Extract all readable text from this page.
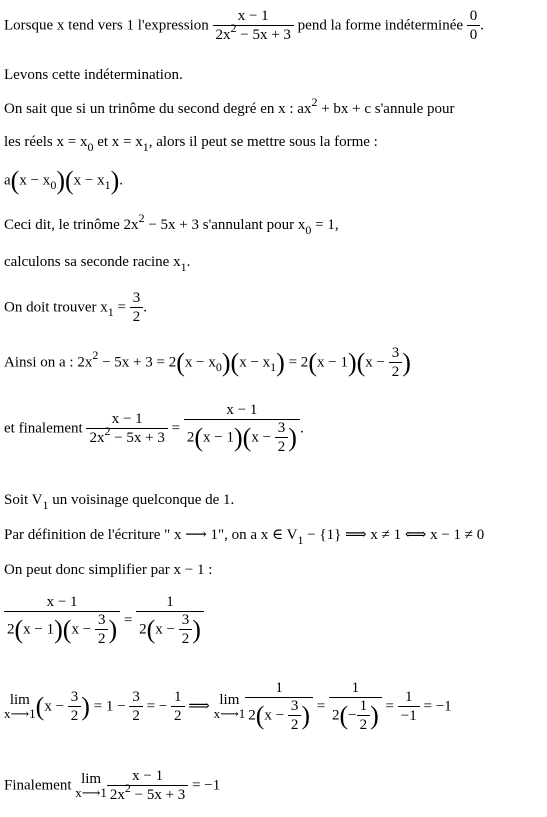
Lorsque x tend vers 1 l'expression $\frac{x - 1}{2x^2 - 5x + 3}$ pend la forme indéterminée $\frac{0}{0}$ .
Levons cette indétermination.
On sait que si un trinôme du second degré en x : $ax^2$ + bx + c s'annule pour
les réels $x = x_0$ et $x = x_1$, alors il peut se mettre sous la forme :
$a(x - x_0)(x - x_1)$.
Ceci dit, le trinôme $2x^2 - 5x + 3$ s'annulant pour $x_0 = 1$,
calculons sa seconde racine $x_1$.
On doit trouver $x_1 = \frac{3}{2}$ .
Ainsi on a : $2x^2 - 5x + 3 = 2(x - x_0)(x - x_1) = 2(x - 1)(x - \frac{3}{2}$ )
et finalement $\frac{x - 1}{2x^2 - 5x + 3} = \frac{x - 1}{2(x - 1)(x - \frac{3}{2} )}$ .
Soit $V_1$ un voisinage quelconque de 1.
Par définition de l'écriture " x ⟶ 1", on a x ∈ $V_1 - \{1\}$ ⟹ x ≠ 1 ⟺ x − 1 ≠ 0
On peut donc simplifier par x − 1 :
$\frac{x - 1}{2(x - 1)(x - \frac{3}{2} )} = \frac{1}{2(x - \frac{3}{2} )}$
lim
x⟶1 ($x - \frac{3}{2}$ ) = $1 - \frac{3}{2}$ = − $\frac{1}{2}$ ⟹ lim
x⟶1 $\frac{1}{2(x - \frac{3}{2} )} = \frac{1}{2(- \frac{1}{2} )} = \frac{1}{-1} = -1$
Finalement lim
x⟶1 $\frac{x - 1}{2x^2 - 5x + 3} = -1$
